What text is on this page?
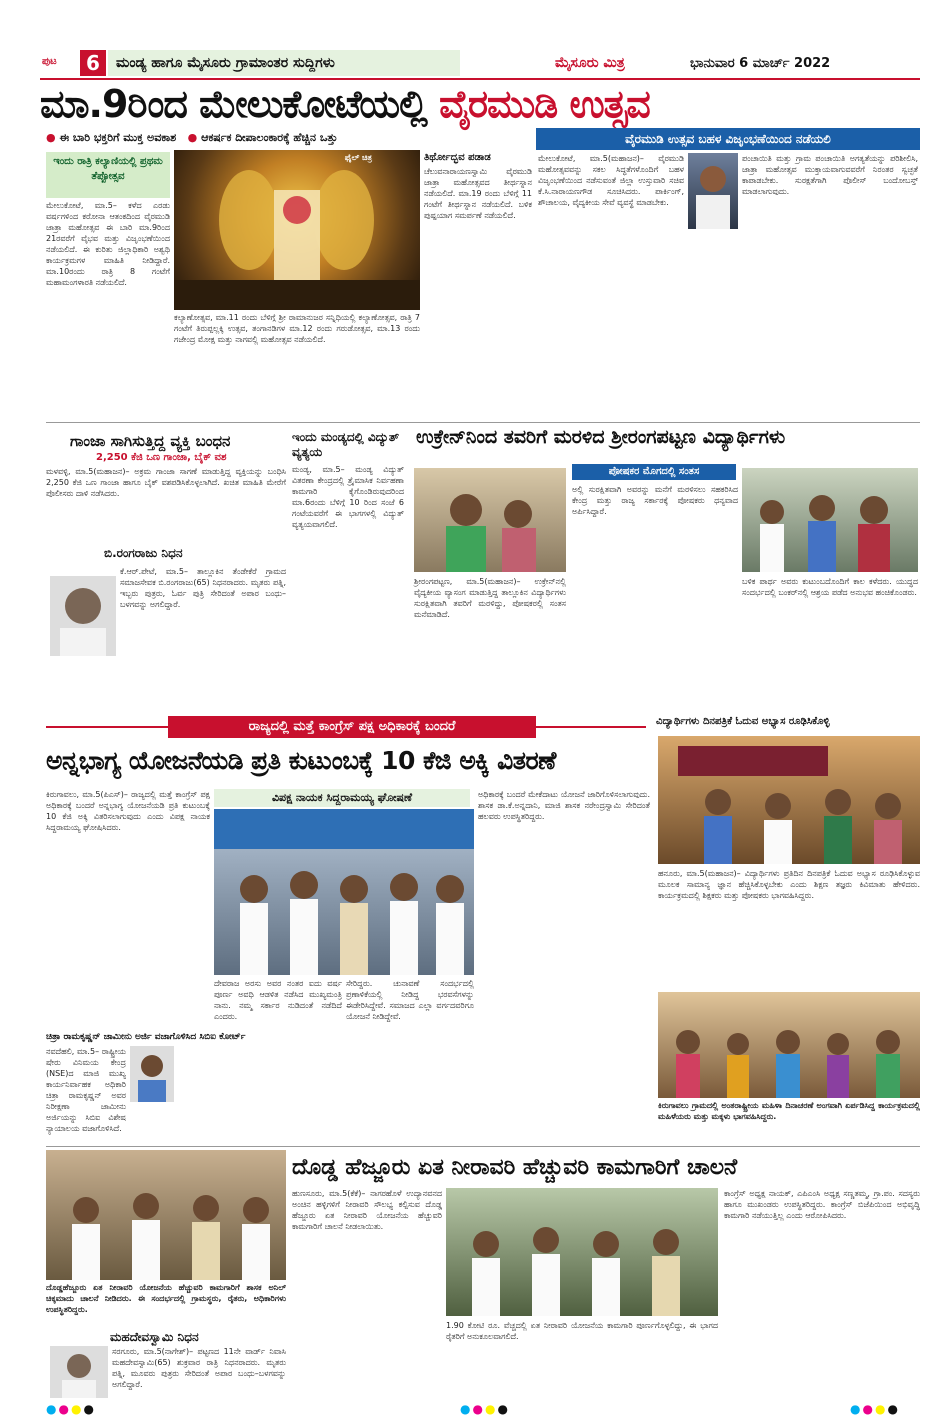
ಪುಟ	6	ಮಂಡ್ಯ ಹಾಗೂ ಮೈಸೂರು ಗ್ರಾಮಾಂತರ ಸುದ್ದಿಗಳು	ಮೈಸೂರು ಮಿತ್ರ	ಭಾನುವಾರ 6 ಮಾರ್ಚ್ 2022
ಮಾ.9ರಿಂದ ಮೇಲುಕೋಟೆಯಲ್ಲಿ ವೈರಮುಡಿ ಉತ್ಸವ
● ಈ ಬಾರಿ ಭಕ್ತರಿಗೆ ಮುಕ್ತ ಅವಕಾಶ ● ಆಕರ್ಷಕ ದೀಪಾಲಂಕಾರಕ್ಕೆ ಹೆಚ್ಚಿನ ಒತ್ತು	ವೈರಮುಡಿ ಉತ್ಸವ ಬಹಳ ವಿಜೃಂಭಣೆಯಿಂದ ನಡೆಯಲಿ
ಇಂದು ರಾತ್ರಿ ಕಲ್ಯಾಣಿಯಲ್ಲಿ ಪ್ರಥಮ ತೆಪ್ಪೋತ್ಸವ
ಫೈಲ್ ಚಿತ್ರ
ಮೇಲುಕೋಟೆ, ಮಾ.5– ಕಳೆದ ಎರಡು ವರ್ಷಗಳಿಂದ ಕರೋನಾ ಆತಂಕದಿಂದ ವೈರಮುಡಿ ಜಾತ್ರಾ ಮಹೋತ್ಸವ ಈ ಬಾರಿ ಮಾ.9ರಿಂದ 21ರವರೆಗೆ ವೈಭವ ಮತ್ತು ವಿಜೃಂಭಣೆಯಿಂದ ನಡೆಯಲಿದೆ. ಈ ಕುರಿತು ಜಿಲ್ಲಾಧಿಕಾರಿ ಅಶ್ವಥಿ ಕಾರ್ಯಕ್ರಮಗಳ ಮಾಹಿತಿ ನೀಡಿದ್ದಾರೆ. ಮಾ.10ರಂದು ರಾತ್ರಿ 8 ಗಂಟೆಗೆ ಮಹಾಮಂಗಳಾರತಿ ನಡೆಯಲಿದೆ.
ಕಲ್ಯಾಣೋತ್ಸವ, ಮಾ.11 ರಂದು ಬೆಳಿಗ್ಗೆ ಶ್ರೀ ರಾಮಾನುಜರ ಸನ್ನಿಧಿಯಲ್ಲಿ ಕಲ್ಯಾಣೋತ್ಸವ, ರಾತ್ರಿ 7 ಗಂಟೆಗೆ ತಿರುಪ್ಪಲ್ಲಕ್ಕಿ ಉತ್ಸವ, ತಂಗಾನಡಿಗಳ ಮಾ.12 ರಂದು ಗರುಡೋತ್ಸವ, ಮಾ.13 ರಂದು ಗಜೇಂದ್ರ ಮೋಕ್ಷ ಮತ್ತು ನಾಗವಲ್ಲಿ ಮಹೋತ್ಸವ ನಡೆಯಲಿದೆ.
ತಿರ್ಥೋದ್ಭವ ಪಡಾಡ
ಚೆಲುವನಾರಾಯಣಸ್ವಾಮಿ ವೈರಮುಡಿ ಜಾತ್ರಾ ಮಹೋತ್ಸವದ ತೀರ್ಥಸ್ನಾನ ನಡೆಯಲಿದೆ. ಮಾ.19 ರಂದು ಬೆಳಿಗ್ಗೆ 11 ಗಂಟೆಗೆ ತೀರ್ಥಸ್ನಾನ ನಡೆಯಲಿದೆ. ಬಳಿಕ ಪುಷ್ಪಯಾಗ ಸಮರ್ಪಣೆ ನಡೆಯಲಿದೆ.
ಮೇಲುಕೋಟೆ, ಮಾ.5(ಮಹಾಜನ)– ವೈರಮುಡಿ ಮಹೋತ್ಸವವನ್ನು ಸಕಲ ಸಿದ್ಧತೆಗಳೊಂದಿಗೆ ಬಹಳ ವಿಜೃಂಭಣೆಯಿಂದ ನಡೆಸುವಂತೆ ಜಿಲ್ಲಾ ಉಸ್ತುವಾರಿ ಸಚಿವ ಕೆ.ಸಿ.ನಾರಾಯಣಗೌಡ ಸೂಚಿಸಿದರು. ಪಾರ್ಕಿಂಗ್, ಶೌಚಾಲಯ, ವೈದ್ಯಕೀಯ ಸೇವೆ ವ್ಯವಸ್ಥೆ ಮಾಡಬೇಕು.
ಪಂಚಾಯಿತಿ ಮತ್ತು ಗ್ರಾಮ ಪಂಚಾಯಿತಿ ಅಗತ್ಯತೆಯನ್ನು ಪರಿಶೀಲಿಸಿ, ಜಾತ್ರಾ ಮಹೋತ್ಸವ ಮುಕ್ತಾಯವಾಗುವವರೆಗೆ ನಿರಂತರ ಸ್ವಚ್ಛತೆ ಕಾಪಾಡಬೇಕು. ಸುರಕ್ಷತೆಗಾಗಿ ಪೊಲೀಸ್ ಬಂದೋಬಸ್ತ್ ಮಾಡಲಾಗುವುದು.
ಗಾಂಜಾ ಸಾಗಿಸುತ್ತಿದ್ದ ವ್ಯಕ್ತಿ ಬಂಧನ
2,250 ಕೆಜಿ ಒಣ ಗಾಂಜಾ, ಬೈಕ್ ವಶ
ಮಳವಳ್ಳಿ, ಮಾ.5(ಮಹಾಜನ)– ಅಕ್ರಮ ಗಾಂಜಾ ಸಾಗಣೆ ಮಾಡುತ್ತಿದ್ದ ವ್ಯಕ್ತಿಯನ್ನು ಬಂಧಿಸಿ 2,250 ಕೆಜಿ ಒಣ ಗಾಂಜಾ ಹಾಗೂ ಬೈಕ್ ವಶಪಡಿಸಿಕೊಳ್ಳಲಾಗಿದೆ. ಖಚಿತ ಮಾಹಿತಿ ಮೇರೆಗೆ ಪೊಲೀಸರು ದಾಳಿ ನಡೆಸಿದರು.
ಬಿ.ರಂಗರಾಜು ನಿಧನ
ಕೆ.ಆರ್.ಪೇಟೆ, ಮಾ.5– ತಾಲ್ಲೂಕಿನ ತೆಂಡೇಕೆರೆ ಗ್ರಾಮದ ಸಮಾಜಸೇವಕ ಬಿ.ರಂಗರಾಜು(65) ನಿಧನರಾದರು. ಮೃತರು ಪತ್ನಿ, ಇಬ್ಬರು ಪುತ್ರರು, ಓರ್ವ ಪುತ್ರಿ ಸೇರಿದಂತೆ ಅಪಾರ ಬಂಧು–ಬಳಗವನ್ನು ಅಗಲಿದ್ದಾರೆ.
ಇಂದು ಮಂಡ್ಯದಲ್ಲಿ ವಿದ್ಯುತ್ ವ್ಯತ್ಯಯ
ಮಂಡ್ಯ, ಮಾ.5– ಮಂಡ್ಯ ವಿದ್ಯುತ್ ವಿತರಣಾ ಕೇಂದ್ರದಲ್ಲಿ ತ್ರೈಮಾಸಿಕ ನಿರ್ವಹಣಾ ಕಾಮಗಾರಿ ಕೈಗೊಂಡಿರುವುದರಿಂದ ಮಾ.6ರಂದು ಬೆಳಿಗ್ಗೆ 10 ರಿಂದ ಸಂಜೆ 6 ಗಂಟೆಯವರೆಗೆ ಈ ಭಾಗಗಳಲ್ಲಿ ವಿದ್ಯುತ್ ವ್ಯತ್ಯಯವಾಗಲಿದೆ.
ಉಕ್ರೇನ್‌ನಿಂದ ತವರಿಗೆ ಮರಳಿದ ಶ್ರೀರಂಗಪಟ್ಟಣ ವಿದ್ಯಾರ್ಥಿಗಳು
ಪೋಷಕರ ಮೊಗದಲ್ಲಿ ಸಂತಸ
ಅಲ್ಲಿ ಸುರಕ್ಷಿತವಾಗಿ ಅವರನ್ನು ಮನೆಗೆ ಮರಳಿಸಲು ಸಹಕರಿಸಿದ ಕೇಂದ್ರ ಮತ್ತು ರಾಜ್ಯ ಸರ್ಕಾರಕ್ಕೆ ಪೋಷಕರು ಧನ್ಯವಾದ ಅರ್ಪಿಸಿದ್ದಾರೆ.
ಶ್ರೀರಂಗಪಟ್ಟಣ, ಮಾ.5(ಮಹಾಜನ)– ಉಕ್ರೇನ್‌ನಲ್ಲಿ ವೈದ್ಯಕೀಯ ವ್ಯಾಸಂಗ ಮಾಡುತ್ತಿದ್ದ ತಾಲ್ಲೂಕಿನ ವಿದ್ಯಾರ್ಥಿಗಳು ಸುರಕ್ಷಿತವಾಗಿ ತವರಿಗೆ ಮರಳಿದ್ದು, ಪೋಷಕರಲ್ಲಿ ಸಂತಸ ಮನೆಮಾಡಿದೆ.
ಬಳಿಕ ಪಾರ್ಥ ಅವರು ಕುಟುಂಬದೊಂದಿಗೆ ಕಾಲ ಕಳೆದರು. ಯುದ್ಧದ ಸಂದರ್ಭದಲ್ಲಿ ಬಂಕರ್‌ನಲ್ಲಿ ಆಶ್ರಯ ಪಡೆದ ಅನುಭವ ಹಂಚಿಕೊಂಡರು.
ರಾಜ್ಯದಲ್ಲಿ ಮತ್ತೆ ಕಾಂಗ್ರೆಸ್ ಪಕ್ಷ ಅಧಿಕಾರಕ್ಕೆ ಬಂದರೆ
ಅನ್ನಭಾಗ್ಯ ಯೋಜನೆಯಡಿ ಪ್ರತಿ ಕುಟುಂಬಕ್ಕೆ 10 ಕೆಜಿ ಅಕ್ಕಿ ವಿತರಣೆ
ವಿಪಕ್ಷ ನಾಯಕ ಸಿದ್ದರಾಮಯ್ಯ ಘೋಷಣೆ
ಕಿರುಗಾವಲು, ಮಾ.5(ಪಿಎಸ್)– ರಾಜ್ಯದಲ್ಲಿ ಮತ್ತೆ ಕಾಂಗ್ರೆಸ್ ಪಕ್ಷ ಅಧಿಕಾರಕ್ಕೆ ಬಂದರೆ ಅನ್ನಭಾಗ್ಯ ಯೋಜನೆಯಡಿ ಪ್ರತಿ ಕುಟುಂಬಕ್ಕೆ 10 ಕೆಜಿ ಅಕ್ಕಿ ವಿತರಿಸಲಾಗುವುದು ಎಂದು ವಿಪಕ್ಷ ನಾಯಕ ಸಿದ್ದರಾಮಯ್ಯ ಘೋಷಿಸಿದರು.
ದೇವರಾಜ ಅರಸು ಅವರ ನಂತರ ಐದು ವರ್ಷ ಪೂರ್ಣ ಅವಧಿ ಆಡಳಿತ ನಡೆಸಿದ ಮುಖ್ಯಮಂತ್ರಿ ನಾನು. ನಮ್ಮ ಸರ್ಕಾರ ನುಡಿದಂತೆ ನಡೆದಿದೆ ಎಂದರು.
ಸೇರಿದ್ದರು. ಚುನಾವಣೆ ಸಂದರ್ಭದಲ್ಲಿ ಪ್ರಣಾಳಿಕೆಯಲ್ಲಿ ನೀಡಿದ್ದ ಭರವಸೆಗಳನ್ನು ಈಡೇರಿಸಿದ್ದೇವೆ. ಸಮಾಜದ ಎಲ್ಲಾ ವರ್ಗದವರಿಗೂ ಯೋಜನೆ ನೀಡಿದ್ದೇವೆ.
ಅಧಿಕಾರಕ್ಕೆ ಬಂದರೆ ಮೇಕೆದಾಟು ಯೋಜನೆ ಜಾರಿಗೊಳಿಸಲಾಗುವುದು. ಶಾಸಕ ಡಾ.ಕೆ.ಅನ್ನದಾನಿ, ಮಾಜಿ ಶಾಸಕ ನರೇಂದ್ರಸ್ವಾಮಿ ಸೇರಿದಂತೆ ಹಲವರು ಉಪಸ್ಥಿತರಿದ್ದರು.
ಚಿತ್ರಾ ರಾಮಕೃಷ್ಣನ್ ಜಾಮೀನು ಅರ್ಜಿ ವಜಾಗೊಳಿಸಿದ ಸಿಬಿಐ ಕೋರ್ಟ್
ನವದೆಹಲಿ, ಮಾ.5– ರಾಷ್ಟ್ರೀಯ ಷೇರು ವಿನಿಮಯ ಕೇಂದ್ರ (NSE)ದ ಮಾಜಿ ಮುಖ್ಯ ಕಾರ್ಯನಿರ್ವಾಹಕ ಅಧಿಕಾರಿ ಚಿತ್ರಾ ರಾಮಕೃಷ್ಣನ್ ಅವರ ನಿರೀಕ್ಷಣಾ ಜಾಮೀನು ಅರ್ಜಿಯನ್ನು ಸಿಬಿಐ ವಿಶೇಷ ನ್ಯಾಯಾಲಯ ವಜಾಗೊಳಿಸಿದೆ.
ವಿದ್ಯಾರ್ಥಿಗಳು ದಿನಪತ್ರಿಕೆ ಓದುವ ಅಭ್ಯಾಸ ರೂಢಿಸಿಕೊಳ್ಳಿ
ಹನೂರು, ಮಾ.5(ಮಹಾಜನ)– ವಿದ್ಯಾರ್ಥಿಗಳು ಪ್ರತಿದಿನ ದಿನಪತ್ರಿಕೆ ಓದುವ ಅಭ್ಯಾಸ ರೂಢಿಸಿಕೊಳ್ಳುವ ಮೂಲಕ ಸಾಮಾನ್ಯ ಜ್ಞಾನ ಹೆಚ್ಚಿಸಿಕೊಳ್ಳಬೇಕು ಎಂದು ಶಿಕ್ಷಣ ತಜ್ಞರು ಕಿವಿಮಾತು ಹೇಳಿದರು. ಕಾರ್ಯಕ್ರಮದಲ್ಲಿ ಶಿಕ್ಷಕರು ಮತ್ತು ಪೋಷಕರು ಭಾಗವಹಿಸಿದ್ದರು.
ಕಿರುಗಾವಲು ಗ್ರಾಮದಲ್ಲಿ ಅಂತರಾಷ್ಟ್ರೀಯ ಮಹಿಳಾ ದಿನಾಚರಣೆ ಅಂಗವಾಗಿ ಏರ್ಪಡಿಸಿದ್ದ ಕಾರ್ಯಕ್ರಮದಲ್ಲಿ ಮಹಿಳೆಯರು ಮತ್ತು ಮಕ್ಕಳು ಭಾಗವಹಿಸಿದ್ದರು.
ದೊಡ್ಡ ಹೆಜ್ಜೂರು ಏತ ನೀರಾವರಿ ಹೆಚ್ಚುವರಿ ಕಾಮಗಾರಿಗೆ ಚಾಲನೆ
ದೊಡ್ಡಹೆಜ್ಜೂರು ಏತ ನೀರಾವರಿ ಯೋಜನೆಯ ಹೆಚ್ಚುವರಿ ಕಾಮಗಾರಿಗೆ ಶಾಸಕ ಅನಿಲ್ ಚಿಕ್ಕಮಾದು ಚಾಲನೆ ನೀಡಿದರು. ಈ ಸಂದರ್ಭದಲ್ಲಿ ಗ್ರಾಮಸ್ಥರು, ರೈತರು, ಅಧಿಕಾರಿಗಳು ಉಪಸ್ಥಿತರಿದ್ದರು.
ಹುಣಸೂರು, ಮಾ.5(ಕೆಕೆ)– ನಾಗರಹೊಳೆ ಉದ್ಯಾನವನದ ಅಂಚಿನ ಹಳ್ಳಿಗಳಿಗೆ ನೀರಾವರಿ ಸೌಲಭ್ಯ ಕಲ್ಪಿಸುವ ದೊಡ್ಡ ಹೆಜ್ಜೂರು ಏತ ನೀರಾವರಿ ಯೋಜನೆಯ ಹೆಚ್ಚುವರಿ ಕಾಮಗಾರಿಗೆ ಚಾಲನೆ ನೀಡಲಾಯಿತು.
1.90 ಕೋಟಿ ರೂ. ವೆಚ್ಚದಲ್ಲಿ ಏತ ನೀರಾವರಿ ಯೋಜನೆಯ ಕಾಮಗಾರಿ ಪೂರ್ಣಗೊಳ್ಳಲಿದ್ದು, ಈ ಭಾಗದ ರೈತರಿಗೆ ಅನುಕೂಲವಾಗಲಿದೆ.
ಕಾಂಗ್ರೆಸ್ ಅಧ್ಯಕ್ಷ ನಾಯಕ್, ಎಪಿಎಂಸಿ ಅಧ್ಯಕ್ಷ ಸಣ್ಣತಮ್ಮ, ಗ್ರಾ.ಪಂ. ಸದಸ್ಯರು ಹಾಗೂ ಮುಖಂಡರು ಉಪಸ್ಥಿತರಿದ್ದರು. ಕಾಂಗ್ರೆಸ್ ಬಿಜೆಪಿಯಿಂದ ಅಭಿವೃದ್ಧಿ ಕಾಮಗಾರಿ ನಡೆಯುತ್ತಿಲ್ಲ ಎಂದು ಆರೋಪಿಸಿದರು.
ಮಹದೇವಸ್ವಾಮಿ ನಿಧನ
ಸರಗೂರು, ಮಾ.5(ನಾಗೇಶ್)– ಪಟ್ಟಣದ 11ನೇ ವಾರ್ಡ್ ನಿವಾಸಿ ಮಹದೇವಸ್ವಾಮಿ(65) ಶುಕ್ರವಾರ ರಾತ್ರಿ ನಿಧನರಾದರು. ಮೃತರು ಪತ್ನಿ, ಮೂವರು ಪುತ್ರರು ಸೇರಿದಂತೆ ಅಪಾರ ಬಂಧು–ಬಳಗವನ್ನು ಅಗಲಿದ್ದಾರೆ.
●●●●	●●●●	●●●●
